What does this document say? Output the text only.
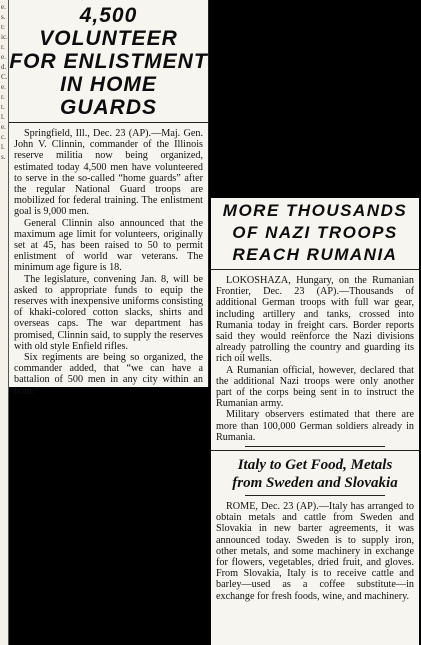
e. s. t: ic. r. e. d. C. e. r. t. l. e. c. l. s.
4,500 VOLUNTEER
FOR ENLISTMENT
IN HOME GUARDS

Springfield, Ill., Dec. 23 (AP).—Maj. Gen. John V. Clinnin, commander of the Illinois reserve militia now being organized, estimated today 4,500 men have volunteered to serve in the so-called “home guards” after the regular National Guard troops are mobilized for federal training. The enlistment goal is 9,000 men.

General Clinnin also announced that the maximum age limit for volunteers, originally set at 45, has been raised to 50 to permit enlistment of world war veterans. The minimum age figure is 18.

The legislature, convening Jan. 8, will be asked to appropriate funds to equip the reserves with inexpensive uniforms consisting of khaki-colored cotton slacks, shirts and overseas caps. The war department has promised, Clinnin said, to supply the reserves with old style Enfield rifles.

Six regiments are being so organized, the commander added, that “we can have a battalion of 500 men in any city within an hour.”

MORE THOUSANDS
OF NAZI TROOPS
REACH RUMANIA

LOKOSHAZA, Hungary, on the Rumanian Frontier, Dec. 23 (AP).—Thousands of additional German troops with full war gear, including artillery and tanks, crossed into Rumania today in freight cars. Border reports said they would reënforce the Nazi divisions already patrolling the country and guarding its rich oil wells.

A Rumanian official, however, declared that the additional Nazi troops were only another part of the corps being sent in to instruct the Rumanian army.

Military observers estimated that there are more than 100,000 German soldiers already in Rumania.

Italy to Get Food, Metals
from Sweden and Slovakia

ROME, Dec. 23 (AP).—Italy has arranged to obtain metals and cattle from Sweden and Slovakia in new barter agreements, it was announced today. Sweden is to supply iron, other metals, and some machinery in exchange for flowers, vegetables, dried fruit, and gloves. From Slovakia, Italy is to receive cattle and barley—used as a coffee substitute—in exchange for fresh foods, wine, and machinery.
